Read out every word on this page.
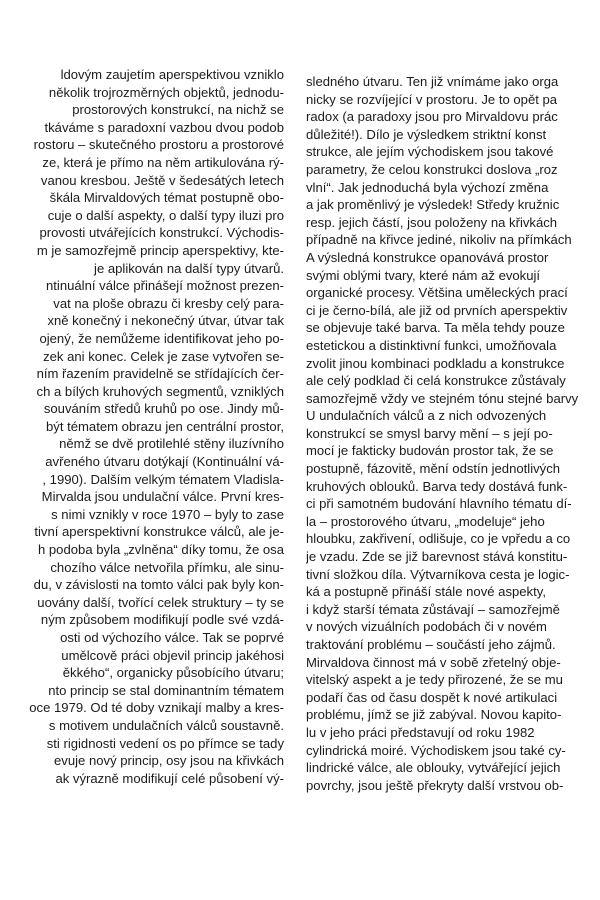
ldovým zaujetím aperspektivou vzniklo
několik trojrozměrných objektů, jednodu-
prostorových konstrukcí, na nichž se
tkáváme s paradoxní vazbou dvou podob
rostoru – skutečného prostoru a prostorové
ze, která je přímo na něm artikulována rý-
vanou kresbou. Ještě v šedesátých letech
škála Mirvaldových témat postupně obo-
cuje o další aspekty, o další typy iluzi pro
provosti utvářejících konstrukcí. Východis-
m je samozřejmě princip aperspektivy, kte-
je aplikován na další typy útvarů.
ntinuální válce přinášejí možnost prezen-
vat na ploše obrazu či kresby celý para-
xně konečný i nekonečný útvar, útvar tak
ojený, že nemůžeme identifikovat jeho po-
zek ani konec. Celek je zase vytvořen se-
ním řazením pravidelně se střídajících čer-
ch a bílých kruhových segmentů, vzniklých
souváním středů kruhů po ose. Jindy mů-
být tématem obrazu jen centrální prostor,
němž se dvě protilehlé stěny iluzívního
avřeného útvaru dotýkají (Kontinuální vá-
, 1990). Dalším velkým tématem Vladisla-
Mirvalda jsou undulační válce. První kres-
s nimi vznikly v roce 1970 – byly to zase
tivní aperspektivní konstrukce válců, ale je-
h podoba byla „zvlněna“ díky tomu, že osa
chozího válce netvořila přímku, ale sinu-
du, v závislosti na tomto válci pak byly kon-
uovány další, tvořící celek struktury – ty se
ným způsobem modifikují podle své vzdá-
osti od výchozího válce. Tak se poprvé
umělcově práci objevil princip jakéhosi
ěkkého“, organicky působícího útvaru;
nto princip se stal dominantním tématem
oce 1979. Od té doby vznikají malby a kres-
s motivem undulačních válců soustavně.
sti rigidnosti vedení os po přímce se tady
evuje nový princip, osy jsou na křivkách
ak výrazně modifikují celé působení vý-
sledného útvaru. Ten již vnímáme jako orga
nicky se rozvíjející v prostoru. Je to opět pa
radox (a paradoxy jsou pro Mirvaldovu prác
důležité!). Dílo je výsledkem striktní konst
strukce, ale jejím východiskem jsou takové
parametry, že celou konstrukci doslova „roz
vlní“. Jak jednoduchá byla výchozí změna
a jak proměnlivý je výsledek! Středy kružnic
resp. jejich částí, jsou položeny na křivkách
případně na křivce jediné, nikoliv na přímkách
A výsledná konstrukce opanovává prostor
svými oblými tvary, které nám až evokují
organické procesy. Většina uměleckých prací
ci je černo-bílá, ale již od prvních aperspektiv
se objevuje také barva. Ta měla tehdy pouze
estetickou a distinktivní funkci, umožňovala
zvolit jinou kombinaci podkladu a konstrukce
ale celý podklad či celá konstrukce zůstávaly
samozřejmě vždy ve stejném tónu stejné barvy
U undulačních válců a z nich odvozených
konstrukcí se smysl barvy mění – s její po-
mocí je fakticky budován prostor tak, že se
postupně, fázovitě, mění odstín jednotlivých
kruhových oblouků. Barva tedy dostává funk-
ci při samotném budování hlavního tématu dí-
la – prostorového útvaru, „modeluje“ jeho
hloubku, zakřivení, odlišuje, co je vpředu a co
je vzadu. Zde se již barevnost stává konstitu-
tivní složkou díla. Výtvarníkova cesta je logic-
ká a postupně přináší stále nové aspekty,
i když starší témata zůstávají – samozřejmě
v nových vizuálních podobách či v novém
traktování problému – součástí jeho zájmů.
Mirvaldova činnost má v sobě zřetelný obje-
vitelský aspekt a je tedy přirozené, že se mu
podaří čas od času dospět k nové artikulaci
problému, jímž se již zabýval. Novou kapito-
lu v jeho práci představují od roku 1982
cylindrická moiré. Východiskem jsou také cy-
lindrické válce, ale oblouky, vytvářející jejich
povrchy, jsou ještě překryty další vrstvou ob-
